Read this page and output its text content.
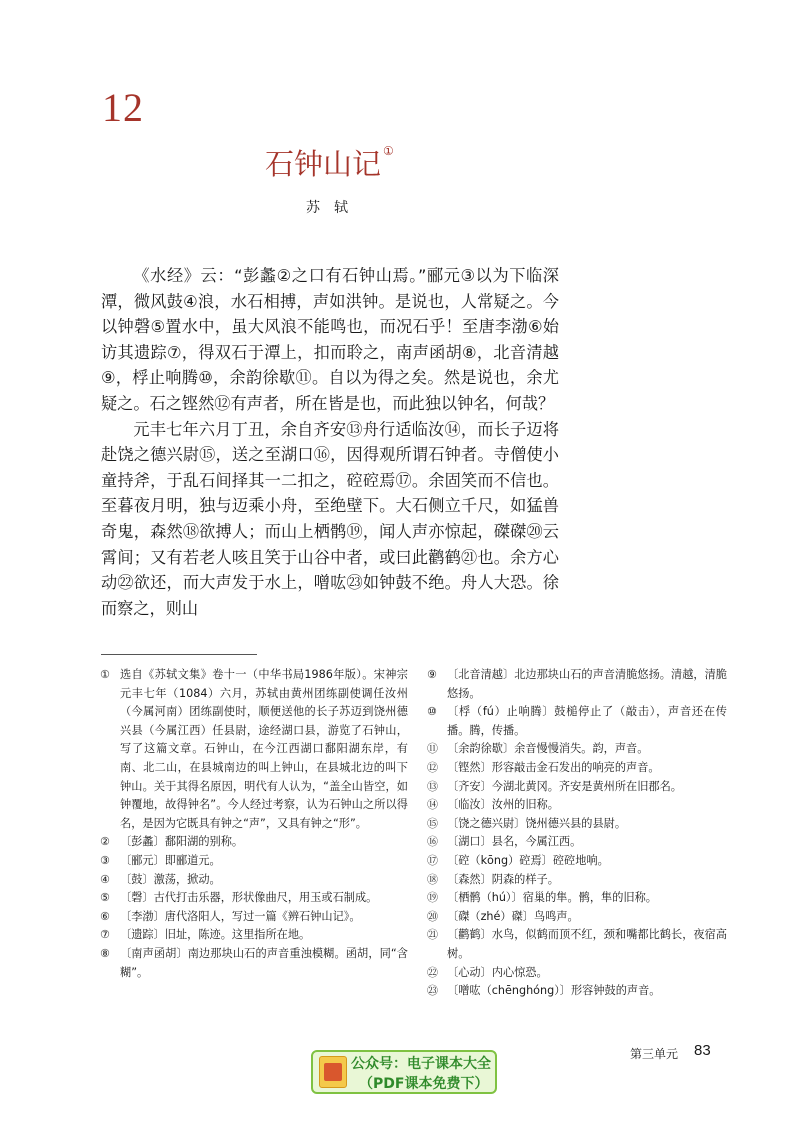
12
石钟山记 ①
苏轼

《水经》云：“彭蠡②之口有石钟山焉。”郦元③以为下临深潭，微风鼓④浪，水石相搏，声如洪钟。是说也，人常疑之。今以钟磬⑤置水中，虽大风浪不能鸣也，而况石乎！至唐李渤⑥始访其遗踪⑦，得双石于潭上，扣而聆之，南声函胡⑧，北音清越⑨，桴止响腾⑩，余韵徐歇⑪。自以为得之矣。然是说也，余尤疑之。石之铿然⑫有声者，所在皆是也，而此独以钟名，何哉？

元丰七年六月丁丑，余自齐安⑬舟行适临汝⑭，而长子迈将赴饶之德兴尉⑮，送之至湖口⑯，因得观所谓石钟者。寺僧使小童持斧，于乱石间择其一二扣之，硿硿焉⑰。余固笑而不信也。至暮夜月明，独与迈乘小舟，至绝壁下。大石侧立千尺，如猛兽奇鬼，森然⑱欲搏人；而山上栖鹘⑲，闻人声亦惊起，磔磔⑳云霄间；又有若老人咳且笑于山谷中者，或曰此鹳鹤㉑也。余方心动㉒欲还，而大声发于水上，噌吰㉓如钟鼓不绝。舟人大恐。徐而察之，则山

① 选自《苏轼文集》卷十一（中华书局1986年版）。宋神宗元丰七年（1084）六月，苏轼由黄州团练副使调任汝州（今属河南）团练副使时，顺便送他的长子苏迈到饶州德兴县（今属江西）任县尉，途经湖口县，游览了石钟山，写了这篇文章。石钟山，在今江西湖口鄱阳湖东岸，有南、北二山，在县城南边的叫上钟山，在县城北边的叫下钟山。关于其得名原因，明代有人认为，“盖全山皆空，如钟覆地，故得钟名”。今人经过考察，认为石钟山之所以得名，是因为它既具有钟之“声”，又具有钟之“形”。
② 〔彭蠡〕鄱阳湖的别称。
③ 〔郦元〕即郦道元。
④ 〔鼓〕激荡，掀动。
⑤ 〔磬〕古代打击乐器，形状像曲尺，用玉或石制成。
⑥ 〔李渤〕唐代洛阳人，写过一篇《辨石钟山记》。
⑦ 〔遗踪〕旧址，陈迹。这里指所在地。
⑧ 〔南声函胡〕南边那块山石的声音重浊模糊。函胡，同“含糊”。
⑨ 〔北音清越〕北边那块山石的声音清脆悠扬。清越，清脆悠扬。
⑩ 〔桴（fú）止响腾〕鼓槌停止了（敲击），声音还在传播。腾，传播。
⑪ 〔余韵徐歇〕余音慢慢消失。韵，声音。
⑫ 〔铿然〕形容敲击金石发出的响亮的声音。
⑬ 〔齐安〕今湖北黄冈。齐安是黄州所在旧郡名。
⑭ 〔临汝〕汝州的旧称。
⑮ 〔饶之德兴尉〕饶州德兴县的县尉。
⑯ 〔湖口〕县名，今属江西。
⑰ 〔硿（kōng）硿焉〕硿硿地响。
⑱ 〔森然〕阴森的样子。
⑲ 〔栖鹘（hú）〕宿巢的隼。鹘，隼的旧称。
⑳ 〔磔（zhé）磔〕鸟鸣声。
㉑ 〔鹳鹤〕水鸟，似鹤而顶不红，颈和嘴都比鹤长，夜宿高树。
㉒ 〔心动〕内心惊恐。
㉓ 〔噌吰（chēnghóng）〕形容钟鼓的声音。
第三单元 83
公众号：电子课本大全
（PDF课本免费下）
